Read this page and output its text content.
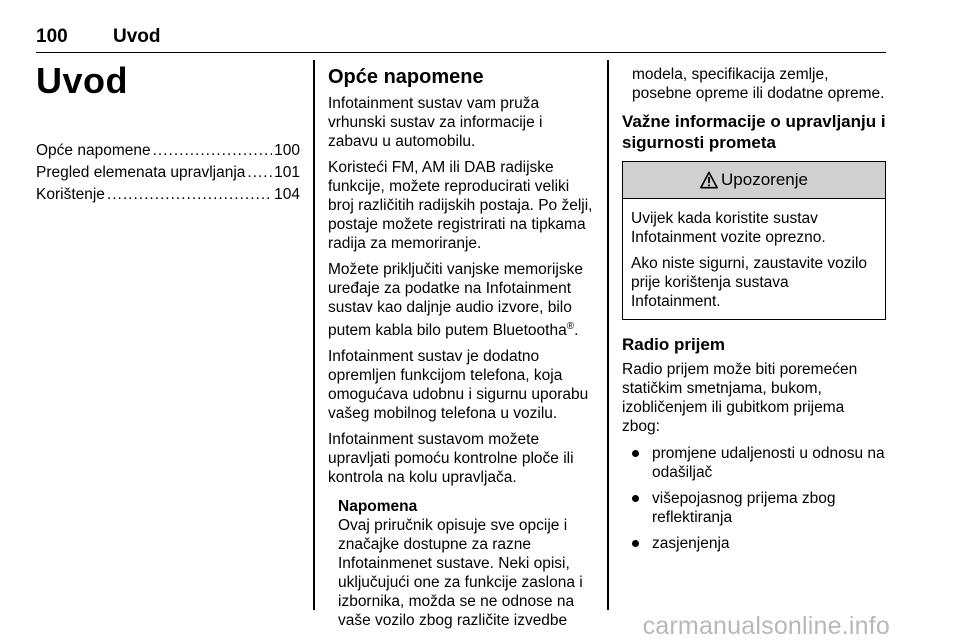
100 Uvod
Uvod
Opće napomene .....	100
Pregled elemenata upravljanja ..... 101
Korištenje .....	104
Opće napomene

Infotainment sustav vam pruža vrhunski sustav za informacije i zabavu u automobilu.

Koristeći FM, AM ili DAB radijske funkcije, možete reproducirati veliki broj različitih radijskih postaja. Po želji, postaje možete registrirati na tipkama radija za memoriranje.

Možete priključiti vanjske memorijske uređaje za podatke na Infotainment sustav kao daljnje audio izvore, bilo putem kabla bilo putem Bluetootha®.

Infotainment sustav je dodatno opremljen funkcijom telefona, koja omogućava udobnu i sigurnu uporabu vašeg mobilnog telefona u vozilu.

Infotainment sustavom možete upravljati pomoću kontrolne ploče ili kontrola na kolu upravljača.

Napomena

Ovaj priručnik opisuje sve opcije i značajke dostupne za razne Infotainmenet sustave. Neki opisi, uključujući one za funkcije zaslona i izbornika, možda se ne odnose na vaše vozilo zbog različite izvedbe

modela, specifikacija zemlje, posebne opreme ili dodatne opreme.

Važne informacije o upravljanju i sigurnosti prometa
Upozorenje

Uvijek kada koristite sustav Infotainment vozite oprezno.

Ako niste sigurni, zaustavite vozilo prije korištenja sustava Infotainment.

Radio prijem

Radio prijem može biti poremećen statičkim smetnjama, bukom, izobličenjem ili gubitkom prijema zbog:

promjene udaljenosti u odnosu na odašiljač
višepojasnog prijema zbog reflektiranja
zasjenjenja
carmanualsonline.info
